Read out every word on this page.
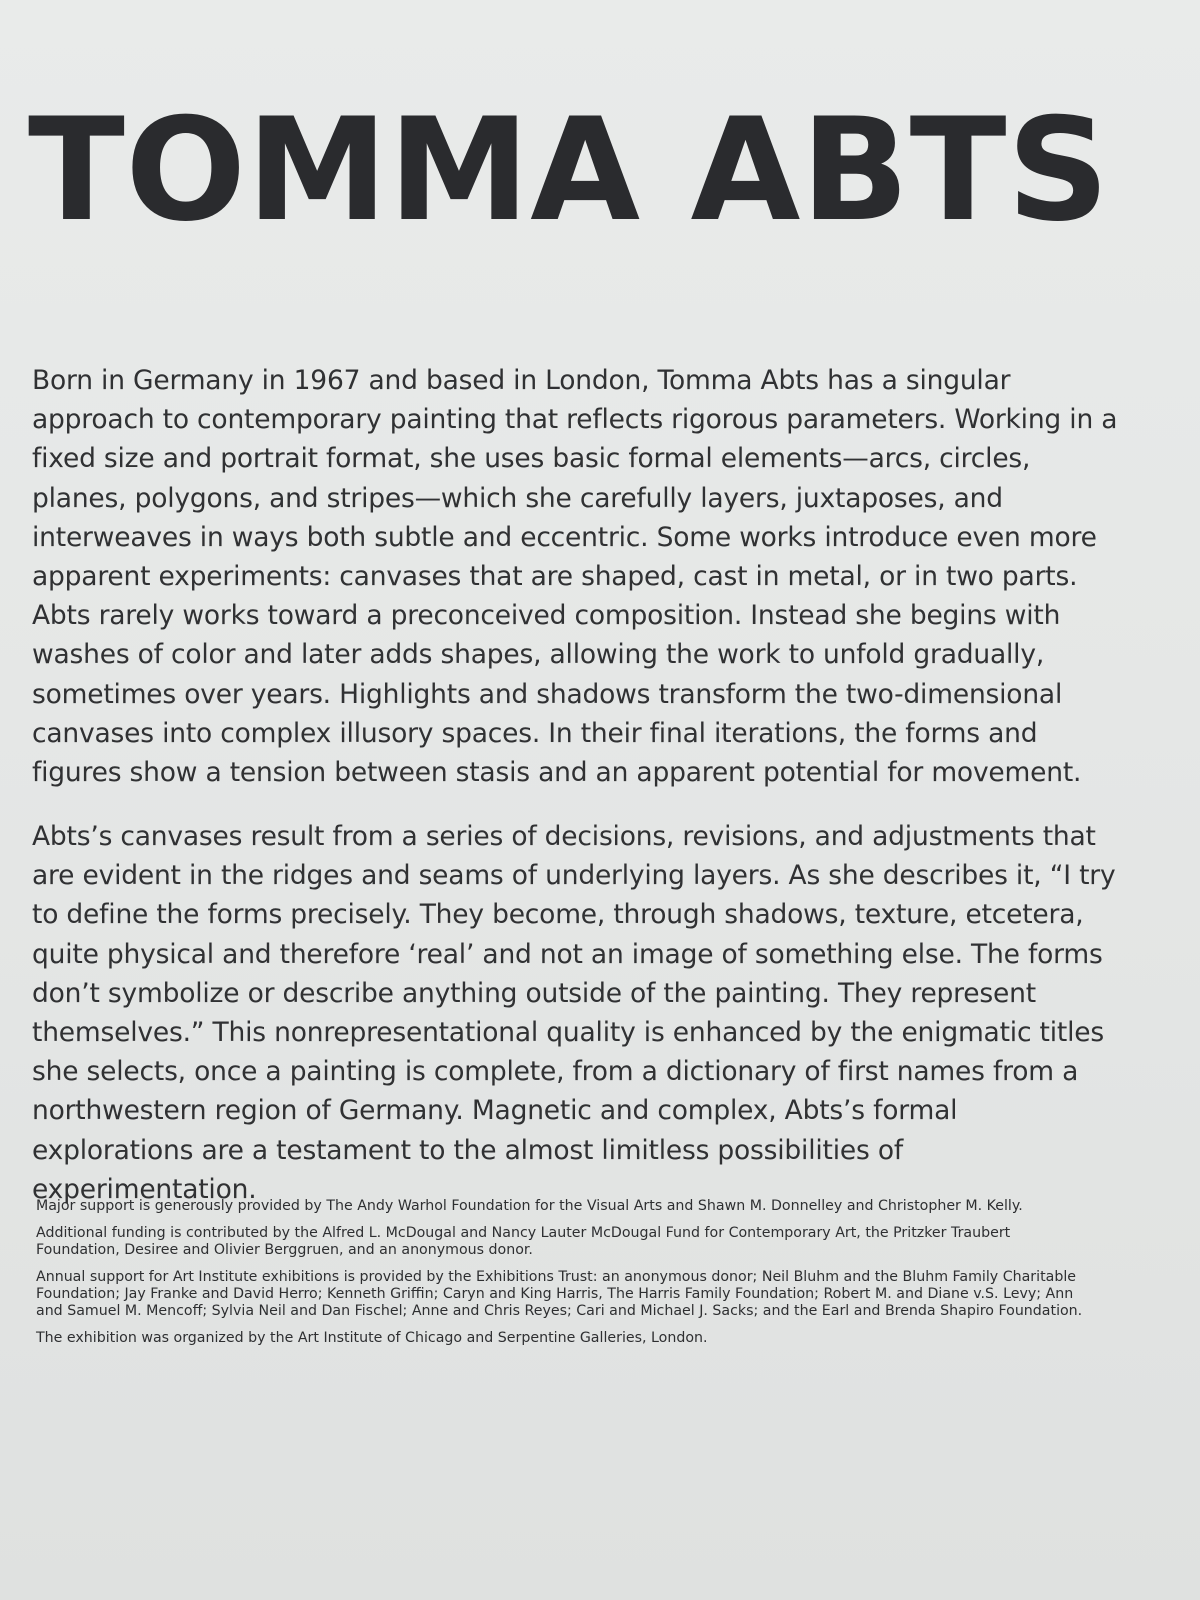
TOMMA ABTS

Born in Germany in 1967 and based in London, Tomma Abts has a singular approach to contemporary painting that reflects rigorous parameters. Working in a fixed size and portrait format, she uses basic formal elements—arcs, circles, planes, polygons, and stripes—which she carefully layers, juxtaposes, and interweaves in ways both subtle and eccentric. Some works introduce even more apparent experiments: canvases that are shaped, cast in metal, or in two parts. Abts rarely works toward a preconceived composition. Instead she begins with washes of color and later adds shapes, allowing the work to unfold gradually, sometimes over years. Highlights and shadows transform the two-dimensional canvases into complex illusory spaces. In their final iterations, the forms and figures show a tension between stasis and an apparent potential for movement.

Abts’s canvases result from a series of decisions, revisions, and adjustments that are evident in the ridges and seams of underlying layers. As she describes it, “I try to define the forms precisely. They become, through shadows, texture, etcetera, quite physical and therefore ‘real’ and not an image of something else. The forms don’t symbolize or describe anything outside of the painting. They represent themselves.” This nonrepresentational quality is enhanced by the enigmatic titles she selects, once a painting is complete, from a dictionary of first names from a northwestern region of Germany. Magnetic and complex, Abts’s formal explorations are a testament to the almost limitless possibilities of experimentation.

Major support is generously provided by The Andy Warhol Foundation for the Visual Arts and Shawn M. Donnelley and Christopher M. Kelly.

Additional funding is contributed by the Alfred L. McDougal and Nancy Lauter McDougal Fund for Contemporary Art, the Pritzker Traubert Foundation, Desiree and Olivier Berggruen, and an anonymous donor.

Annual support for Art Institute exhibitions is provided by the Exhibitions Trust: an anonymous donor; Neil Bluhm and the Bluhm Family Charitable Foundation; Jay Franke and David Herro; Kenneth Griffin; Caryn and King Harris, The Harris Family Foundation; Robert M. and Diane v.S. Levy; Ann and Samuel M. Mencoff; Sylvia Neil and Dan Fischel; Anne and Chris Reyes; Cari and Michael J. Sacks; and the Earl and Brenda Shapiro Foundation.

The exhibition was organized by the Art Institute of Chicago and Serpentine Galleries, London.
